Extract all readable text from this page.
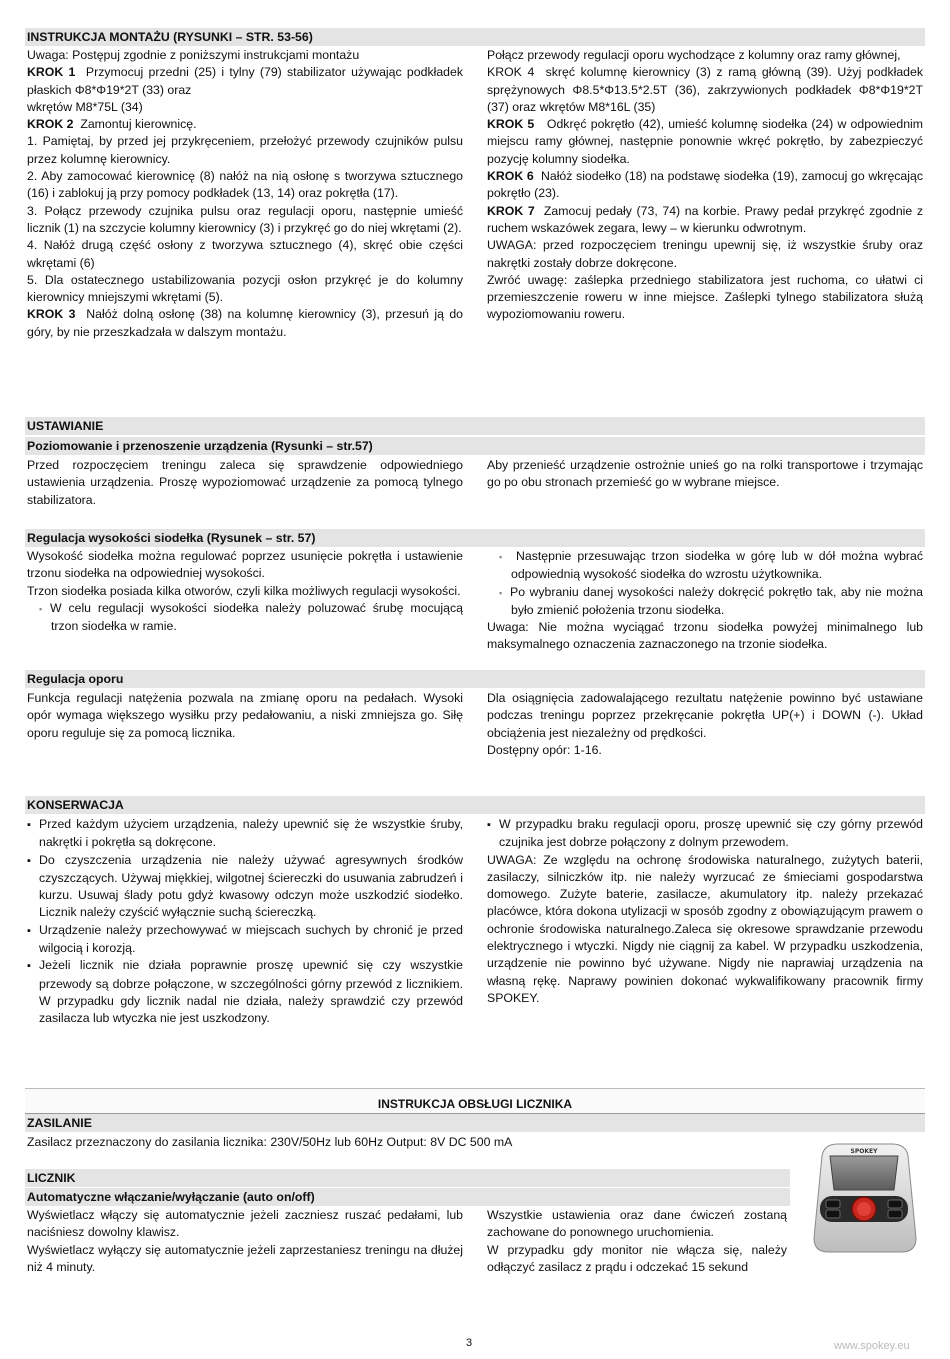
INSTRUKCJA MONTAŻU (RYSUNKI – STR. 53-56)

Uwaga: Postępuj zgodnie z poniższymi instrukcjami montażu

KROK 1 Przymocuj przedni (25) i tylny (79) stabilizator używając podkładek płaskich Φ8*Φ19*2T (33) oraz

wkrętów M8*75L (34)

KROK 2 Zamontuj kierownicę.

1. Pamiętaj, by przed jej przykręceniem, przełożyć przewody czujników pulsu przez kolumnę kierownicy.

2. Aby zamocować kierownicę (8) nałóż na nią osłonę s tworzywa sztucznego (16) i zablokuj ją przy pomocy podkładek (13, 14) oraz pokrętła (17).

3. Połącz przewody czujnika pulsu oraz regulacji oporu, następnie umieść licznik (1) na szczycie kolumny kierownicy (3) i przykręć go do niej wkrętami (2).

4. Nałóż drugą część osłony z tworzywa sztucznego (4), skręć obie części wkrętami (6)

5. Dla ostatecznego ustabilizowania pozycji osłon przykręć je do kolumny kierownicy mniejszymi wkrętami (5).

KROK 3 Nałóż dolną osłonę (38) na kolumnę kierownicy (3), przesuń ją do góry, by nie przeszkadzała w dalszym montażu.

Połącz przewody regulacji oporu wychodzące z kolumny oraz ramy głównej,

KROK 4 skręć kolumnę kierownicy (3) z ramą główną (39). Użyj podkładek sprężynowych Φ8.5*Φ13.5*2.5T (36), zakrzywionych podkładek Φ8*Φ19*2T (37) oraz wkrętów M8*16L (35)

KROK 5 Odkręć pokrętło (42), umieść kolumnę siodełka (24) w odpowiednim miejscu ramy głównej, następnie ponownie wkręć pokrętło, by zabezpieczyć pozycję kolumny siodełka.

KROK 6 Nałóż siodełko (18) na podstawę siodełka (19), zamocuj go wkręcając pokrętło (23).

KROK 7 Zamocuj pedały (73, 74) na korbie. Prawy pedał przykręć zgodnie z ruchem wskazówek zegara, lewy – w kierunku odwrotnym.

UWAGA: przed rozpoczęciem treningu upewnij się, iż wszystkie śruby oraz nakrętki zostały dobrze dokręcone.

Zwróć uwagę: zaślepka przedniego stabilizatora jest ruchoma, co ułatwi ci przemieszczenie roweru w inne miejsce. Zaślepki tylnego stabilizatora służą wypoziomowaniu roweru.

USTAWIANIE
Poziomowanie i przenoszenie urządzenia (Rysunki – str.57)

Przed rozpoczęciem treningu zaleca się sprawdzenie odpowiedniego ustawienia urządzenia. Proszę wypoziomować urządzenie za pomocą tylnego stabilizatora.

Aby przenieść urządzenie ostrożnie unieś go na rolki transportowe i trzymając go po obu stronach przemieść go w wybrane miejsce.

Regulacja wysokości siodełka (Rysunek – str. 57)

Wysokość siodełka można regulować poprzez usunięcie pokrętła i ustawienie trzonu siodełka na odpowiedniej wysokości.

Trzon siodełka posiada kilka otworów, czyli kilka możliwych regulacji wysokości.

▪ W celu regulacji wysokości siodełka należy poluzować śrubę mocującą trzon siodełka w ramie.

▪ Następnie przesuwając trzon siodełka w górę lub w dół można wybrać odpowiednią wysokość siodełka do wzrostu użytkownika.

▪ Po wybraniu danej wysokości należy dokręcić pokrętło tak, aby nie można było zmienić położenia trzonu siodełka.

Uwaga: Nie można wyciągać trzonu siodełka powyżej minimalnego lub maksymalnego oznaczenia zaznaczonego na trzonie siodełka.

Regulacja oporu

Funkcja regulacji natężenia pozwala na zmianę oporu na pedałach. Wysoki opór wymaga większego wysiłku przy pedałowaniu, a niski zmniejsza go. Siłę oporu reguluje się za pomocą licznika.

Dla osiągnięcia zadowalającego rezultatu natężenie powinno być ustawiane podczas treningu poprzez przekręcanie pokrętła UP(+) i DOWN (-). Układ obciążenia jest niezależny od prędkości.

Dostępny opór: 1-16.

KONSERWACJA

▪ Przed każdym użyciem urządzenia, należy upewnić się że wszystkie śruby, nakrętki i pokrętła są dokręcone.

▪ Do czyszczenia urządzenia nie należy używać agresywnych środków czyszczących. Używaj miękkiej, wilgotnej ściereczki do usuwania zabrudzeń i kurzu. Usuwaj ślady potu gdyż kwasowy odczyn może uszkodzić siodełko. Licznik należy czyścić wyłącznie suchą ściereczką.

▪ Urządzenie należy przechowywać w miejscach suchych by chronić je przed wilgocią i korozją.

▪ Jeżeli licznik nie działa poprawnie proszę upewnić się czy wszystkie przewody są dobrze połączone, w szczególności górny przewód z licznikiem. W przypadku gdy licznik nadal nie działa, należy sprawdzić czy przewód zasilacza lub wtyczka nie jest uszkodzony.

▪ W przypadku braku regulacji oporu, proszę upewnić się czy górny przewód czujnika jest dobrze połączony z dolnym przewodem.

UWAGA: Ze względu na ochronę środowiska naturalnego, zużytych baterii, zasilaczy, silniczków itp. nie należy wyrzucać ze śmieciami gospodarstwa domowego. Zużyte baterie, zasilacze, akumulatory itp. należy przekazać placówce, która dokona utylizacji w sposób zgodny z obowiązującym prawem o ochronie środowiska naturalnego.Zaleca się okresowe sprawdzanie przewodu elektrycznego i wtyczki. Nigdy nie ciągnij za kabel. W przypadku uszkodzenia, urządzenie nie powinno być używane. Nigdy nie naprawiaj urządzenia na własną rękę. Naprawy powinien dokonać wykwalifikowany pracownik firmy SPOKEY.

INSTRUKCJA OBSŁUGI LICZNIKA
ZASILANIE

Zasilacz przeznaczony do zasilania licznika: 230V/50Hz lub 60Hz Output: 8V DC 500 mA

LICZNIK
Automatyczne włączanie/wyłączanie (auto on/off)

Wyświetlacz włączy się automatycznie jeżeli zaczniesz ruszać pedałami, lub naciśniesz dowolny klawisz.

Wyświetlacz wyłączy się automatycznie jeżeli zaprzestaniesz treningu na dłużej niż 4 minuty.

Wszystkie ustawienia oraz dane ćwiczeń zostaną zachowane do ponownego uruchomienia.

W przypadku gdy monitor nie włącza się, należy odłączyć zasilacz z prądu i odczekać 15 sekund

SPOKEY
3	www.spokey.eu
